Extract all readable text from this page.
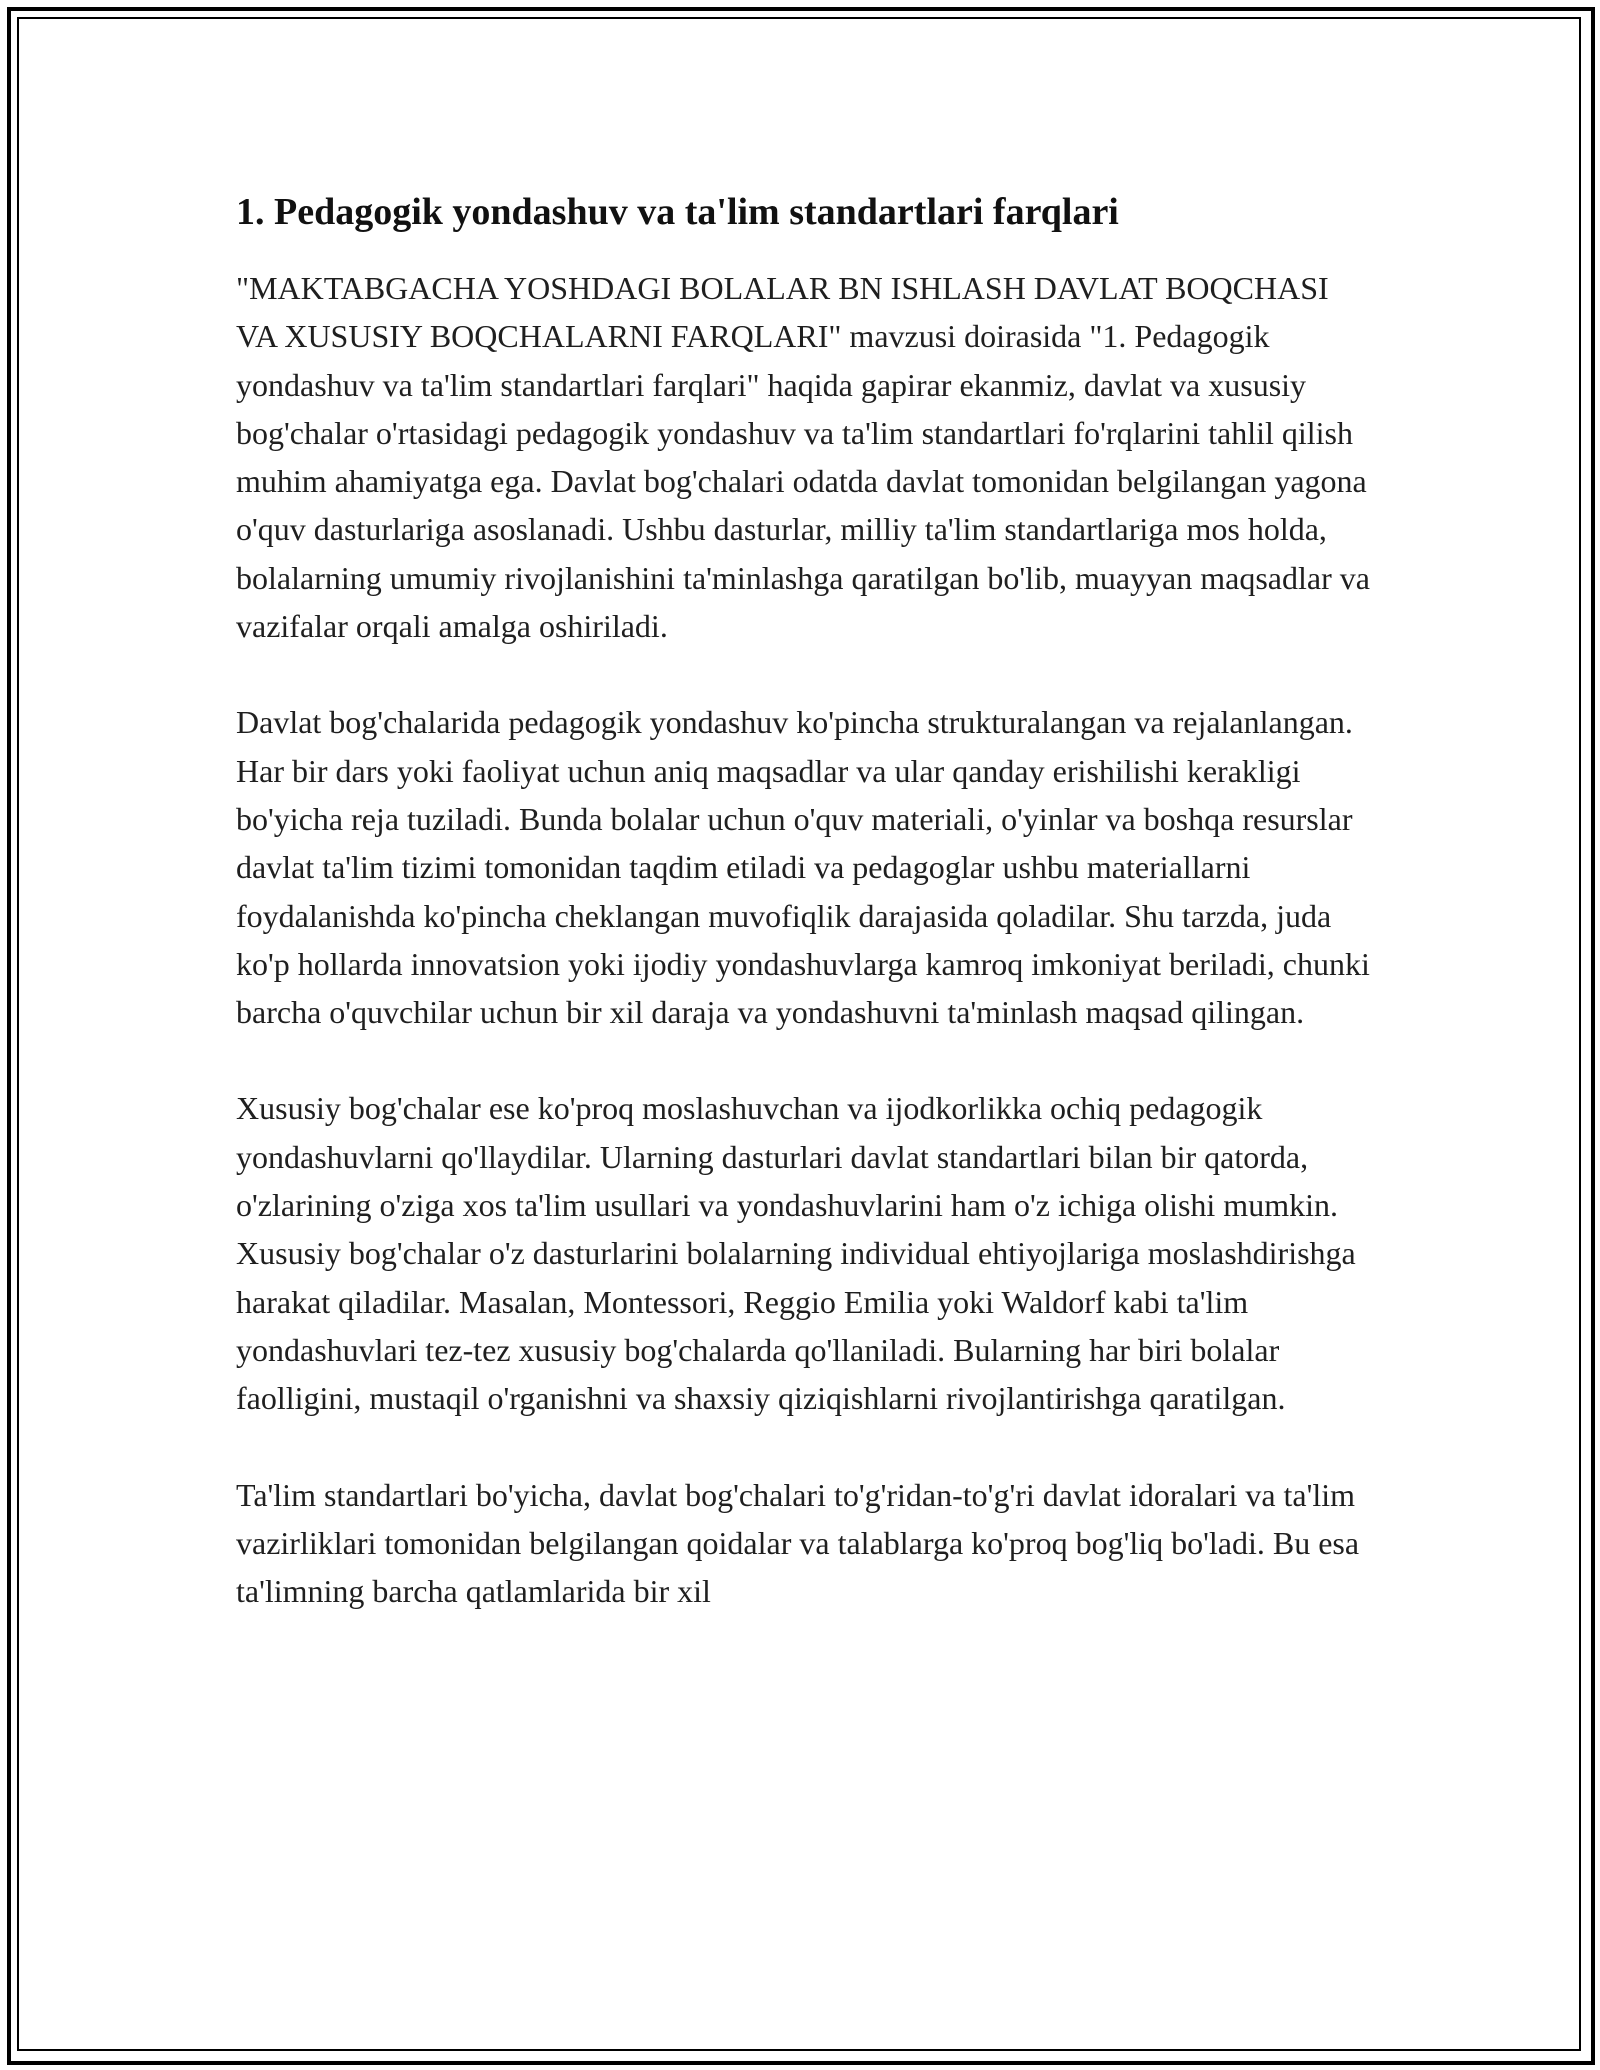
1. Pedagogik yondashuv va ta'lim standartlari farqlari

"MAKTABGACHA YOSHDAGI BOLALAR BN ISHLASH DAVLAT BOQCHASI VA XUSUSIY BOQCHALARNI FARQLARI" mavzusi doirasida "1. Pedagogik yondashuv va ta'lim standartlari farqlari" haqida gapirar ekanmiz, davlat va xususiy bog'chalar o'rtasidagi pedagogik yondashuv va ta'lim standartlari fo'rqlarini tahlil qilish muhim ahamiyatga ega. Davlat bog'chalari odatda davlat tomonidan belgilangan yagona o'quv dasturlariga asoslanadi. Ushbu dasturlar, milliy ta'lim standartlariga mos holda, bolalarning umumiy rivojlanishini ta'minlashga qaratilgan bo'lib, muayyan maqsadlar va vazifalar orqali amalga oshiriladi.

Davlat bog'chalarida pedagogik yondashuv ko'pincha strukturalangan va rejalanlangan. Har bir dars yoki faoliyat uchun aniq maqsadlar va ular qanday erishilishi kerakligi bo'yicha reja tuziladi. Bunda bolalar uchun o'quv materiali, o'yinlar va boshqa resurslar davlat ta'lim tizimi tomonidan taqdim etiladi va pedagoglar ushbu materiallarni foydalanishda ko'pincha cheklangan muvofiqlik darajasida qoladilar. Shu tarzda, juda ko'p hollarda innovatsion yoki ijodiy yondashuvlarga kamroq imkoniyat beriladi, chunki barcha o'quvchilar uchun bir xil daraja va yondashuvni ta'minlash maqsad qilingan.

Xususiy bog'chalar ese ko'proq moslashuvchan va ijodkorlikka ochiq pedagogik yondashuvlarni qo'llaydilar. Ularning dasturlari davlat standartlari bilan bir qatorda, o'zlarining o'ziga xos ta'lim usullari va yondashuvlarini ham o'z ichiga olishi mumkin. Xususiy bog'chalar o'z dasturlarini bolalarning individual ehtiyojlariga moslashdirishga harakat qiladilar. Masalan, Montessori, Reggio Emilia yoki Waldorf kabi ta'lim yondashuvlari tez-tez xususiy bog'chalarda qo'llaniladi. Bularning har biri bolalar faolligini, mustaqil o'rganishni va shaxsiy qiziqishlarni rivojlantirishga qaratilgan.

Ta'lim standartlari bo'yicha, davlat bog'chalari to'g'ridan-to'g'ri davlat idoralari va ta'lim vazirliklari tomonidan belgilangan qoidalar va talablarga ko'proq bog'liq bo'ladi. Bu esa ta'limning barcha qatlamlarida bir xil
